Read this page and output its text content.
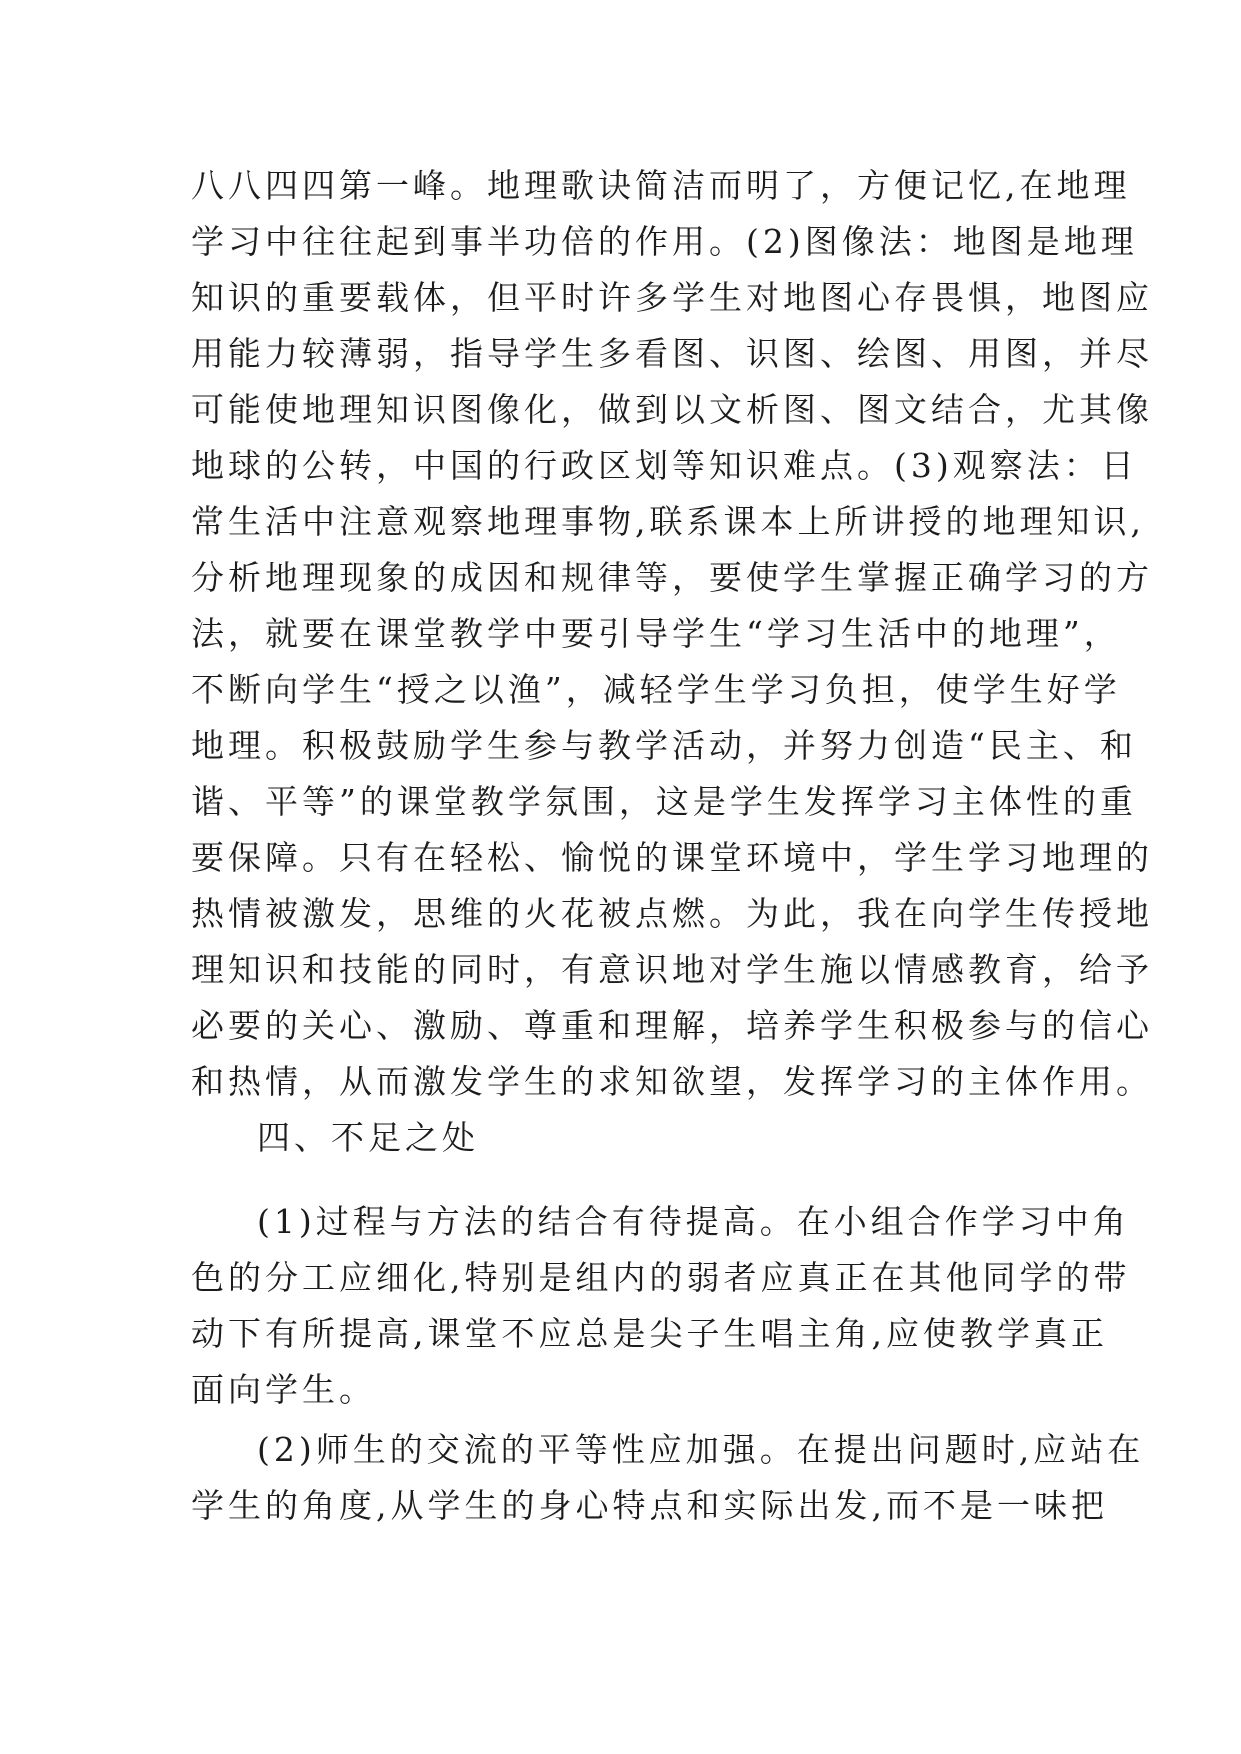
八八四四第一峰。地理歌诀简洁而明了，方便记忆,在地理
学习中往往起到事半功倍的作用。(2)图像法：地图是地理
知识的重要载体，但平时许多学生对地图心存畏惧，地图应
用能力较薄弱，指导学生多看图、识图、绘图、用图，并尽
可能使地理知识图像化，做到以文析图、图文结合，尤其像
地球的公转，中国的行政区划等知识难点。(3)观察法：日
常生活中注意观察地理事物,联系课本上所讲授的地理知识,
分析地理现象的成因和规律等，要使学生掌握正确学习的方
法，就要在课堂教学中要引导学生“学习生活中的地理”，
不断向学生“授之以渔”，减轻学生学习负担，使学生好学
地理。积极鼓励学生参与教学活动，并努力创造“民主、和
谐、平等”的课堂教学氛围，这是学生发挥学习主体性的重
要保障。只有在轻松、愉悦的课堂环境中，学生学习地理的
热情被激发，思维的火花被点燃。为此，我在向学生传授地
理知识和技能的同时，有意识地对学生施以情感教育，给予
必要的关心、激励、尊重和理解，培养学生积极参与的信心
和热情，从而激发学生的求知欲望，发挥学习的主体作用。
四、不足之处
(1)过程与方法的结合有待提高。在小组合作学习中角
色的分工应细化,特别是组内的弱者应真正在其他同学的带
动下有所提高,课堂不应总是尖子生唱主角,应使教学真正
面向学生。
(2)师生的交流的平等性应加强。在提出问题时,应站在
学生的角度,从学生的身心特点和实际出发,而不是一味把
